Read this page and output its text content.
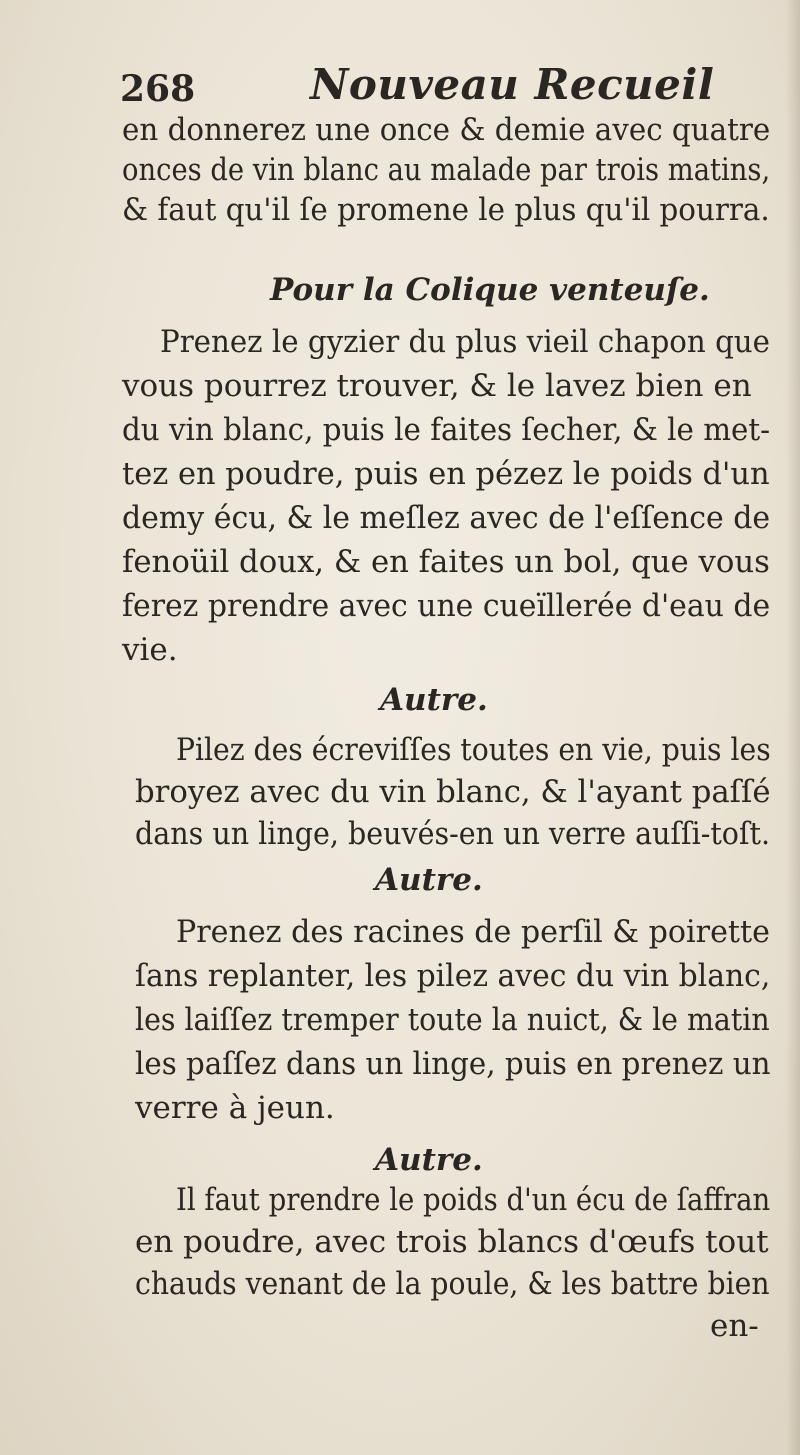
268	Nouveau Recueil
en donnerez une once & demie avec quatre
onces de vin blanc au malade par trois matins,
& faut qu'il ſe promene le plus qu'il pourra.
Pour la Colique venteuſe.
Prenez le gyzier du plus vieil chapon que
vous pourrez trouver, & le lavez bien en
du vin blanc, puis le faites ſecher, & le met-
tez en poudre, puis en pézez le poids d'un
demy écu, & le meſlez avec de l'eſſence de
fenoüil doux, & en faites un bol, que vous
ferez prendre avec une cueïllerée d'eau de
vie.
Autre.
Pilez des écreviſſes toutes en vie, puis les
broyez avec du vin blanc, & l'ayant paſſé
dans un linge, beuvés-en un verre auſſi-toſt.
Autre.
Prenez des racines de perſil & poirette
ſans replanter, les pilez avec du vin blanc,
les laiſſez tremper toute la nuict, & le matin
les paſſez dans un linge, puis en prenez un
verre à jeun.
Autre.
Il faut prendre le poids d'un écu de ſaffran
en poudre, avec trois blancs d'œufs tout
chauds venant de la poule, & les battre bien
en-
